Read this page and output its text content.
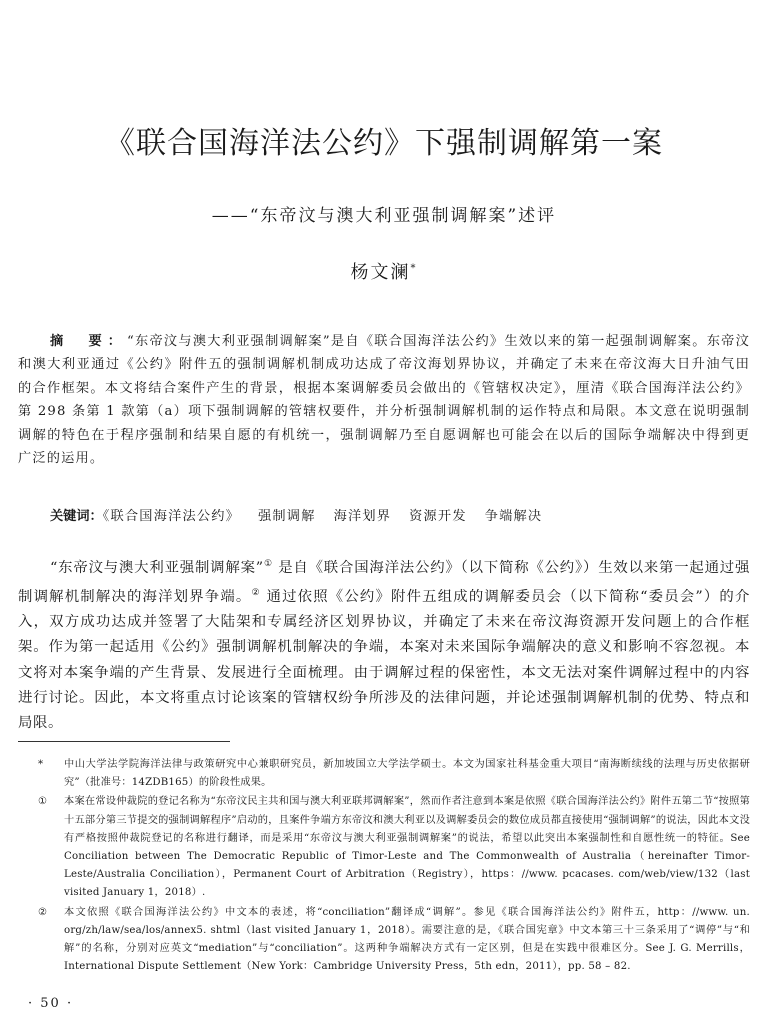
《联合国海洋法公约》下强制调解第一案
——“东帝汶与澳大利亚强制调解案”述评
杨文澜*
摘　要：“东帝汶与澳大利亚强制调解案”是自《联合国海洋法公约》生效以来的第一起强制调解案。东帝汶和澳大利亚通过《公约》附件五的强制调解机制成功达成了帝汶海划界协议，并确定了未来在帝汶海大日升油气田的合作框架。本文将结合案件产生的背景，根据本案调解委员会做出的《管辖权决定》，厘清《联合国海洋法公约》第 298 条第 1 款第（a）项下强制调解的管辖权要件，并分析强制调解机制的运作特点和局限。本文意在说明强制调解的特色在于程序强制和结果自愿的有机统一，强制调解乃至自愿调解也可能会在以后的国际争端解决中得到更广泛的运用。
关键词：《联合国海洋法公约》 强制调解 海洋划界 资源开发 争端解决
“东帝汶与澳大利亚强制调解案”① 是自《联合国海洋法公约》（以下简称《公约》）生效以来第一起通过强制调解机制解决的海洋划界争端。② 通过依照《公约》附件五组成的调解委员会（以下简称“委员会”）的介入，双方成功达成并签署了大陆架和专属经济区划界协议，并确定了未来在帝汶海资源开发问题上的合作框架。作为第一起适用《公约》强制调解机制解决的争端，本案对未来国际争端解决的意义和影响不容忽视。本文将对本案争端的产生背景、发展进行全面梳理。由于调解过程的保密性，本文无法对案件调解过程中的内容进行讨论。因此，本文将重点讨论该案的管辖权纷争所涉及的法律问题，并论述强制调解机制的优势、特点和局限。
*	中山大学法学院海洋法律与政策研究中心兼职研究员，新加坡国立大学法学硕士。本文为国家社科基金重大项目“南海断续线的法理与历史依据研究”（批准号：14ZDB165）的阶段性成果。
①	本案在常设仲裁院的登记名称为“东帝汶民主共和国与澳大利亚联邦调解案”，然而作者注意到本案是依照《联合国海洋法公约》附件五第二节“按照第十五部分第三节提交的强制调解程序”启动的，且案件争端方东帝汶和澳大利亚以及调解委员会的数位成员都直接使用“强制调解”的说法，因此本文没有严格按照仲裁院登记的名称进行翻译，而是采用“东帝汶与澳大利亚强制调解案”的说法，希望以此突出本案强制性和自愿性统一的特征。See Conciliation between The Democratic Republic of Timor-Leste and The Commonwealth of Australia（hereinafter Timor-Leste/Australia Conciliation），Permanent Court of Arbitration（Registry），https：//www. pcacases. com/web/view/132（last visited January 1，2018）.
②	本文依照《联合国海洋法公约》中文本的表述，将“conciliation”翻译成“调解”。参见《联合国海洋法公约》附件五，http：//www. un. org/zh/law/sea/los/annex5. shtml（last visited January 1，2018）。需要注意的是，《联合国宪章》中文本第三十三条采用了“调停”与“和解”的名称，分别对应英文“mediation”与“conciliation”。这两种争端解决方式有一定区别，但是在实践中很难区分。See J. G. Merrills，International Dispute Settlement（New York：Cambridge University Press，5th edn，2011），pp. 58 – 82.
· 50 ·
